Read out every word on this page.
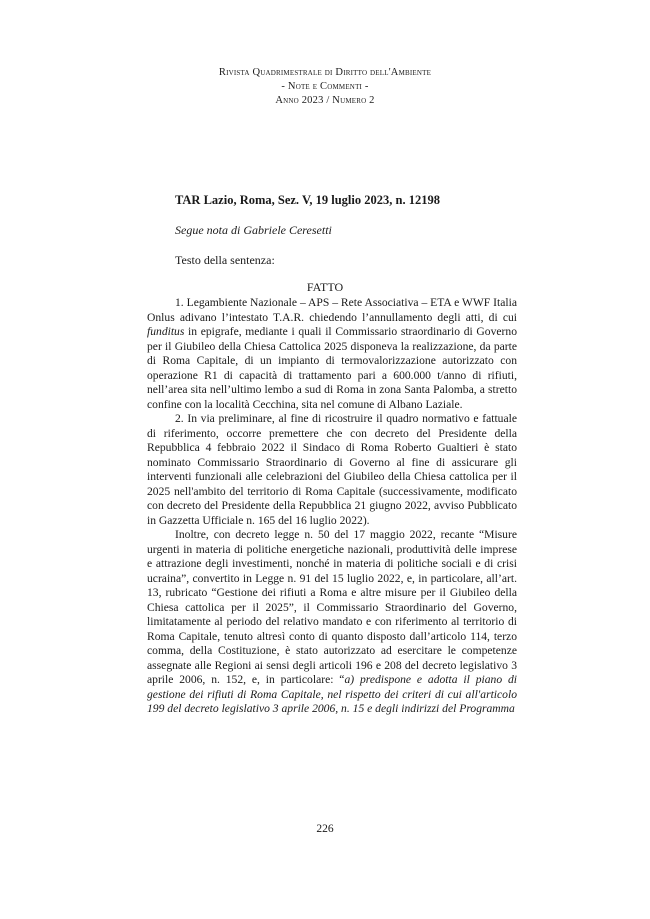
Rivista Quadrimestrale di Diritto dell'Ambiente
- Note e Commenti -
Anno 2023 / Numero 2
TAR Lazio, Roma, Sez. V, 19 luglio 2023, n. 12198
Segue nota di Gabriele Ceresetti
Testo della sentenza:
FATTO

1. Legambiente Nazionale – APS – Rete Associativa – ETA e WWF Italia Onlus adivano l’intestato T.A.R. chiedendo l’annullamento degli atti, di cui funditus in epigrafe, mediante i quali il Commissario straordinario di Governo per il Giubileo della Chiesa Cattolica 2025 disponeva la realizzazione, da parte di Roma Capitale, di un impianto di termovalorizzazione autorizzato con operazione R1 di capacità di trattamento pari a 600.000 t/anno di rifiuti, nell’area sita nell’ultimo lembo a sud di Roma in zona Santa Palomba, a stretto confine con la località Cecchina, sita nel comune di Albano Laziale.

2. In via preliminare, al fine di ricostruire il quadro normativo e fattuale di riferimento, occorre premettere che con decreto del Presidente della Repubblica 4 febbraio 2022 il Sindaco di Roma Roberto Gualtieri è stato nominato Commissario Straordinario di Governo al fine di assicurare gli interventi funzionali alle celebrazioni del Giubileo della Chiesa cattolica per il 2025 nell'ambito del territorio di Roma Capitale (successivamente, modificato con decreto del Presidente della Repubblica 21 giugno 2022, avviso Pubblicato in Gazzetta Ufficiale n. 165 del 16 luglio 2022).

Inoltre, con decreto legge n. 50 del 17 maggio 2022, recante “Misure urgenti in materia di politiche energetiche nazionali, produttività delle imprese e attrazione degli investimenti, nonché in materia di politiche sociali e di crisi ucraina”, convertito in Legge n. 91 del 15 luglio 2022, e, in particolare, all’art. 13, rubricato “Gestione dei rifiuti a Roma e altre misure per il Giubileo della Chiesa cattolica per il 2025”, il Commissario Straordinario del Governo, limitatamente al periodo del relativo mandato e con riferimento al territorio di Roma Capitale, tenuto altresì conto di quanto disposto dall’articolo 114, terzo comma, della Costituzione, è stato autorizzato ad esercitare le competenze assegnate alle Regioni ai sensi degli articoli 196 e 208 del decreto legislativo 3 aprile 2006, n. 152, e, in particolare: “a) predispone e adotta il piano di gestione dei rifiuti di Roma Capitale, nel rispetto dei criteri di cui all'articolo 199 del decreto legislativo 3 aprile 2006, n. 15 e degli indirizzi del Programma

226
